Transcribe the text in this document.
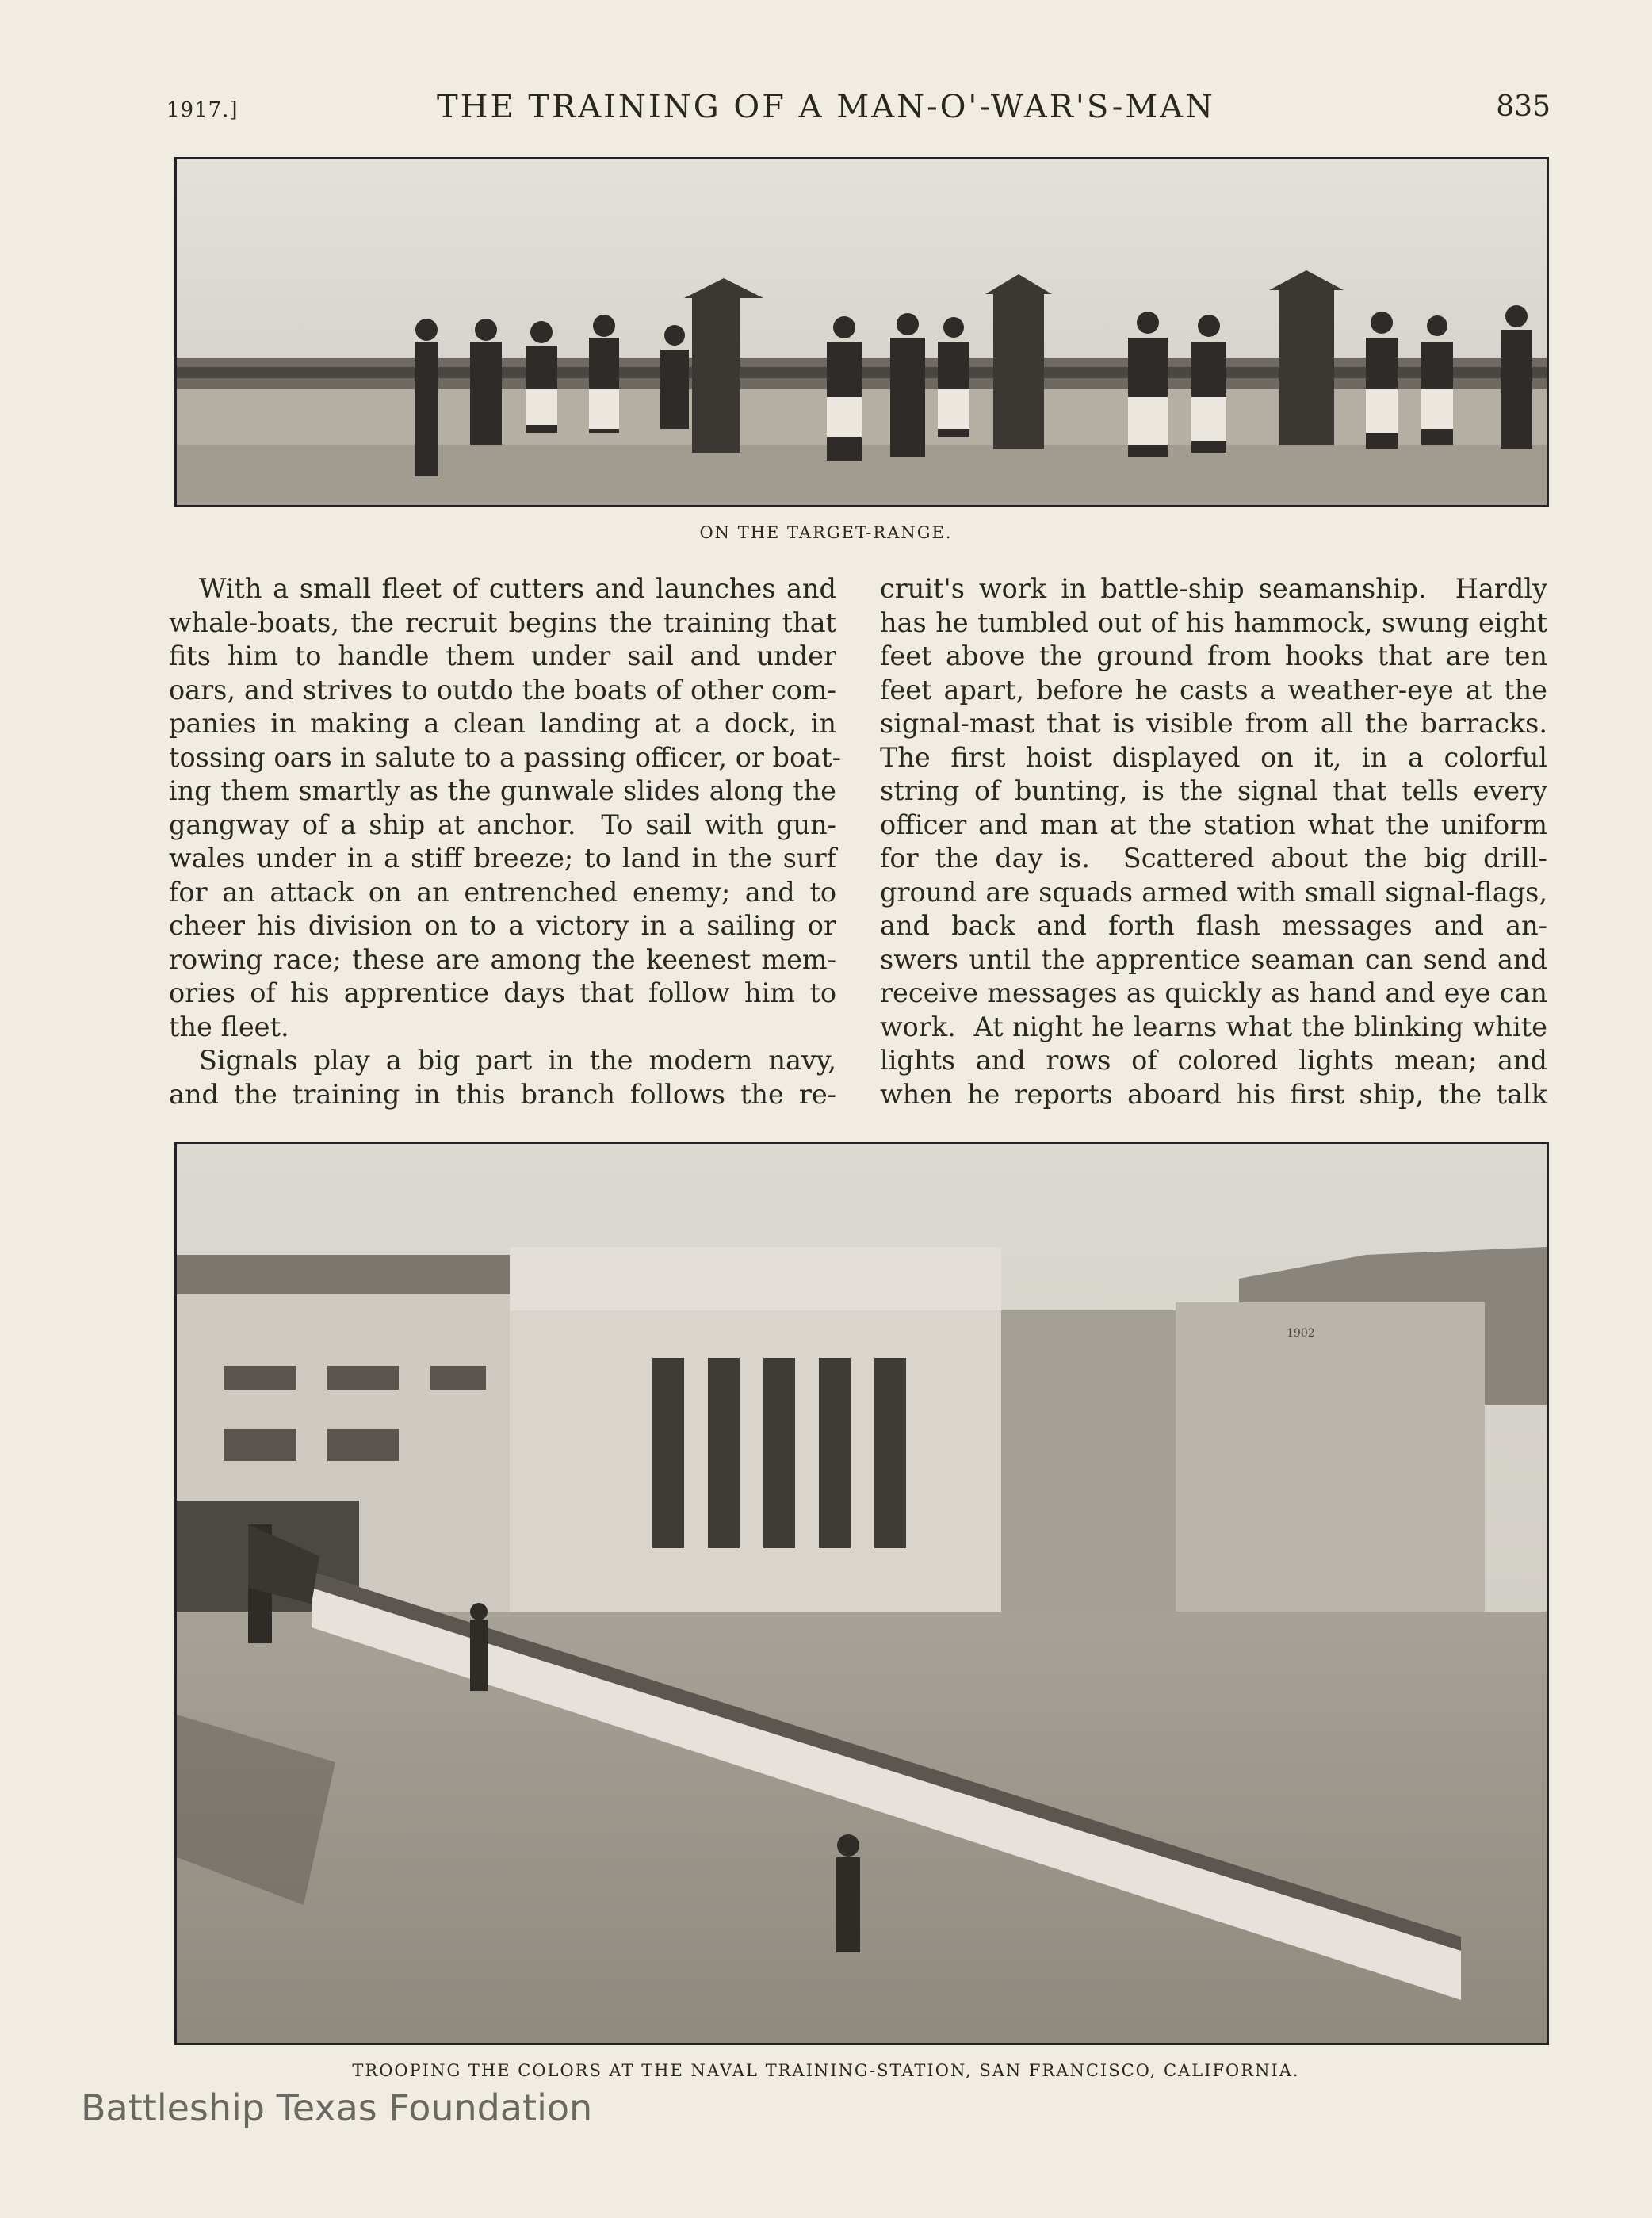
1917.]	THE TRAINING OF A MAN-O'-WAR'S-MAN	835
ON THE TARGET-RANGE.
With a small fleet of cutters and launches and
whale-boats, the recruit begins the training that
fits him to handle them under sail and under
oars, and strives to outdo the boats of other com-
panies in making a clean landing at a dock, in
tossing oars in salute to a passing officer, or boat-
ing them smartly as the gunwale slides along the
gangway of a ship at anchor.  To sail with gun-
wales under in a stiff breeze; to land in the surf
for an attack on an entrenched enemy; and to
cheer his division on to a victory in a sailing or
rowing race; these are among the keenest mem-
ories of his apprentice days that follow him to
the fleet.
Signals play a big part in the modern navy,
and the training in this branch follows the re-
cruit's work in battle-ship seamanship.  Hardly
has he tumbled out of his hammock, swung eight
feet above the ground from hooks that are ten
feet apart, before he casts a weather-eye at the
signal-mast that is visible from all the barracks.
The first hoist displayed on it, in a colorful
string of bunting, is the signal that tells every
officer and man at the station what the uniform
for the day is.  Scattered about the big drill-
ground are squads armed with small signal-flags,
and back and forth flash messages and an-
swers until the apprentice seaman can send and
receive messages as quickly as hand and eye can
work.  At night he learns what the blinking white
lights and rows of colored lights mean; and
when he reports aboard his first ship, the talk
1902
TROOPING THE COLORS AT THE NAVAL TRAINING-STATION, SAN FRANCISCO, CALIFORNIA.
Battleship Texas Foundation
